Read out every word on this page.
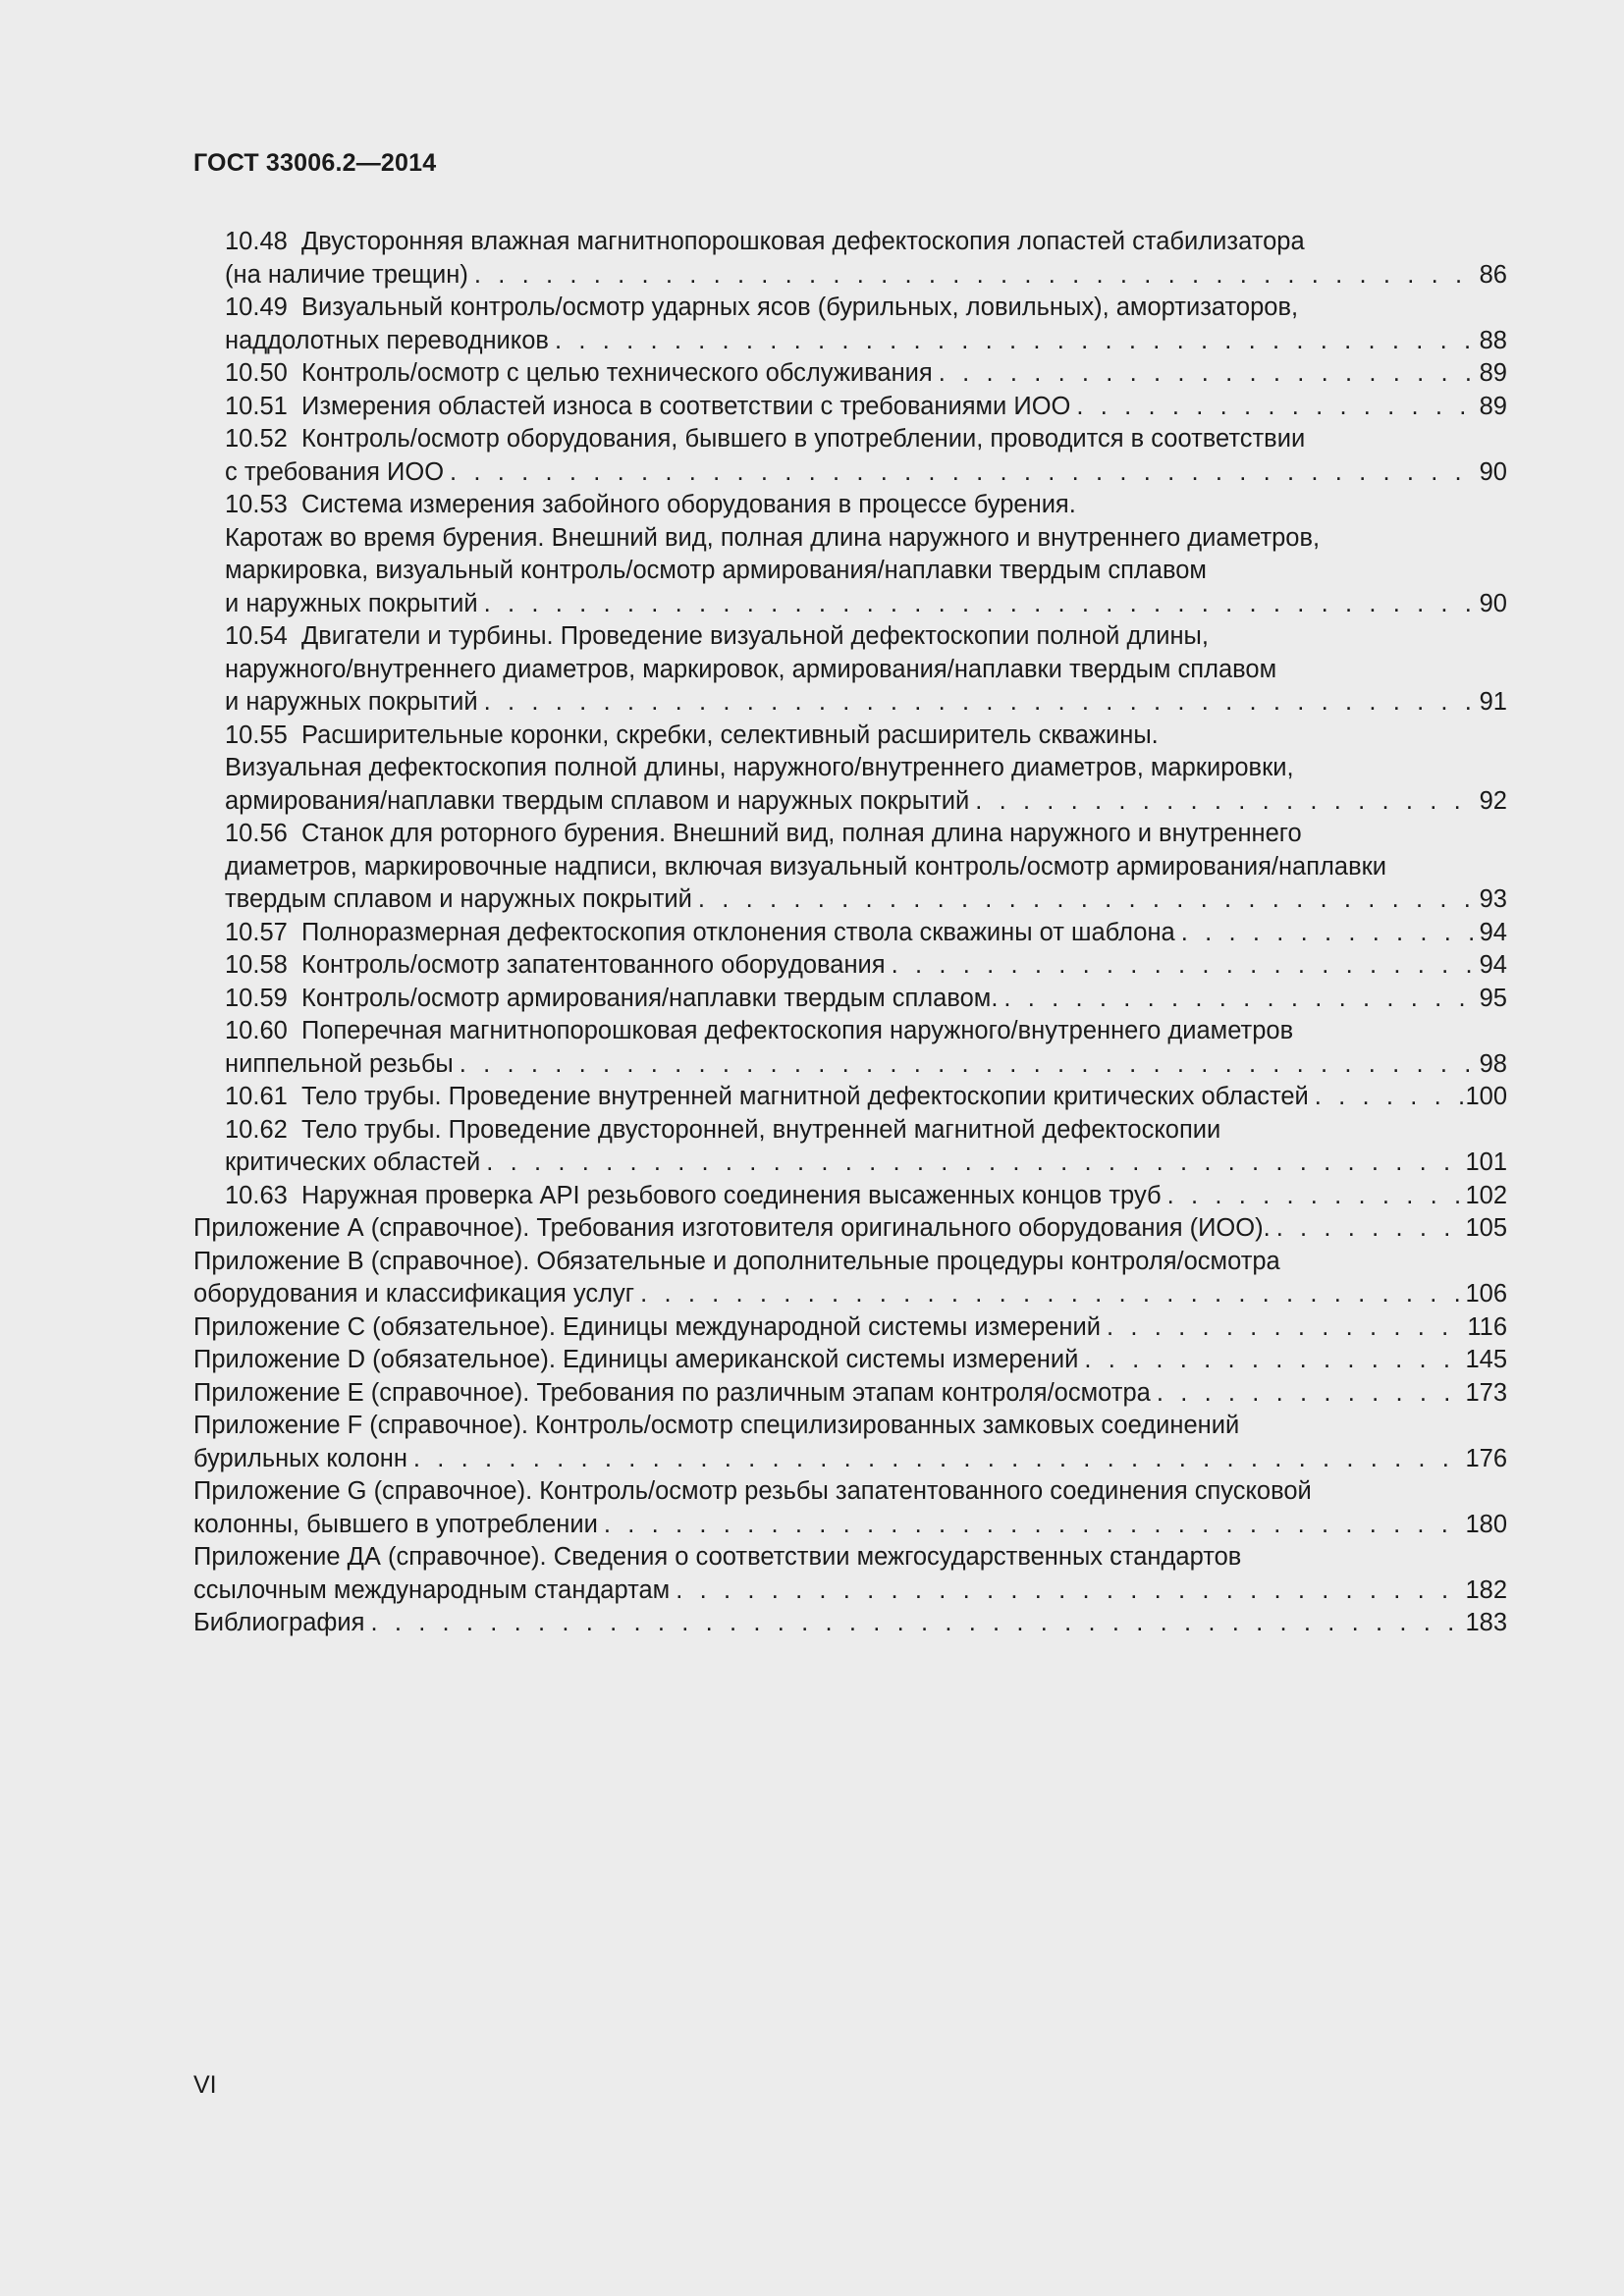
ГОСТ 33006.2—2014
10.48 Двусторонняя влажная магнитнопорошковая дефектоскопия лопастей стабилизатора
(на наличие трещин) . . .	86
10.49 Визуальный контроль/осмотр ударных ясов (бурильных, ловильных), амортизаторов,
наддолотных переводников . . .	88
10.50 Контроль/осмотр с целью технического обслуживания . . .	89
10.51 Измерения областей износа в соответствии с требованиями ИОО . . .	89
10.52 Контроль/осмотр оборудования, бывшего в употреблении, проводится в соответствии
с требования ИОО . . .	90
10.53 Система измерения забойного оборудования в процессе бурения.
Каротаж во время бурения. Внешний вид, полная длина наружного и внутреннего диаметров,
маркировка, визуальный контроль/осмотр армирования/наплавки твердым сплавом
и наружных покрытий . . .	90
10.54 Двигатели и турбины. Проведение визуальной дефектоскопии полной длины,
наружного/внутреннего диаметров, маркировок, армирования/наплавки твердым сплавом
и наружных покрытий . . .	91
10.55 Расширительные коронки, скребки, селективный расширитель скважины.
Визуальная дефектоскопия полной длины, наружного/внутреннего диаметров, маркировки,
армирования/наплавки твердым сплавом и наружных покрытий . . .	92
10.56 Станок для роторного бурения. Внешний вид, полная длина наружного и внутреннего
диаметров, маркировочные надписи, включая визуальный контроль/осмотр армирования/наплавки
твердым сплавом и наружных покрытий . . .	93
10.57 Полноразмерная дефектоскопия отклонения ствола скважины от шаблона . . .	94
10.58 Контроль/осмотр запатентованного оборудования . . .	94
10.59 Контроль/осмотр армирования/наплавки твердым сплавом. . . .	95
10.60 Поперечная магнитнопорошковая дефектоскопия наружного/внутреннего диаметров
ниппельной резьбы . . .	98
10.61 Тело трубы. Проведение внутренней магнитной дефектоскопии критических областей . . .	100
10.62 Тело трубы. Проведение двусторонней, внутренней магнитной дефектоскопии
критических областей . . .	101
10.63 Наружная проверка API резьбового соединения высаженных концов труб . . .	102
Приложение А (справочное). Требования изготовителя оригинального оборудования (ИОО). . . .	105
Приложение В (справочное). Обязательные и дополнительные процедуры контроля/осмотра
оборудования и классификация услуг . . .	106
Приложение С (обязательное). Единицы международной системы измерений . . .	116
Приложение D (обязательное). Единицы американской системы измерений . . .	145
Приложение Е (справочное). Требования по различным этапам контроля/осмотра . . .	173
Приложение F (справочное). Контроль/осмотр специлизированных замковых соединений
бурильных колонн . . .	176
Приложение G (справочное). Контроль/осмотр резьбы запатентованного соединения спусковой
колонны, бывшего в употреблении . . .	180
Приложение ДА (справочное). Сведения о соответствии межгосударственных стандартов
ссылочным международным стандартам . . .	182
Библиография . . .	183
VI
